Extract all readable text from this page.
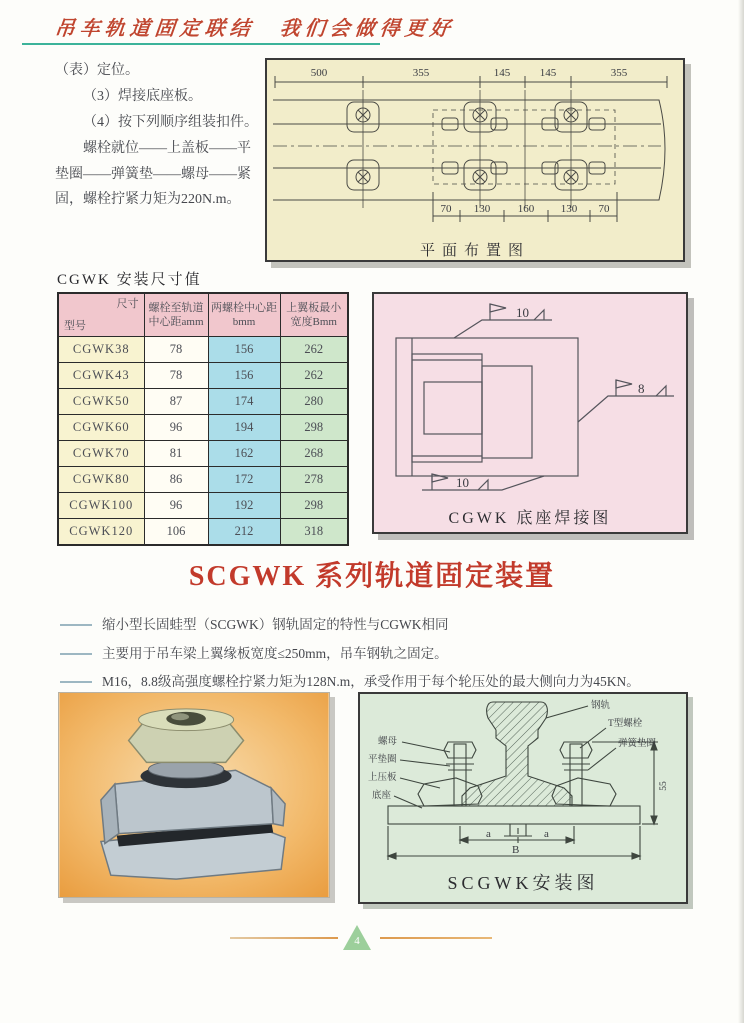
吊车轨道固定联结　我们会做得更好

（表）定位。

（3）焊接底座板。

（4）按下列顺序组装扣件。

螺栓就位——上盖板——平垫圈——弹簧垫——螺母——紧固，螺栓拧紧力矩为220N.m。

500	355	145	145	355
70 130	160 130 70
平面布置图
CGWK 安装尺寸值
尺寸
型号	螺栓至轨道中心距amm	两螺栓中心距bmm	上翼板最小宽度Bmm
CGWK38	78	156	262
CGWK43	78	156	262
CGWK50	87	174	280
CGWK60	96	194	298
CGWK70	81	162	268
CGWK80	86	172	278
CGWK100	96	192	298
CGWK120	106	212	318
10
8
10
CGWK 底座焊接图
SCGWK 系列轨道固定装置
缩小型长固蛙型（SCGWK）钢轨固定的特性与CGWK相同
主要用于吊车梁上翼缘板宽度≤250mm，吊车钢轨之固定。
M16，8.8级高强度螺栓拧紧力矩为128N.m，承受作用于每个轮压处的最大侧向力为45KN。
螺母
平垫圈
上压板
底座
钢轨
T型螺栓
弹簧垫圈
55
a	a
B
SCGWK安装图
4
